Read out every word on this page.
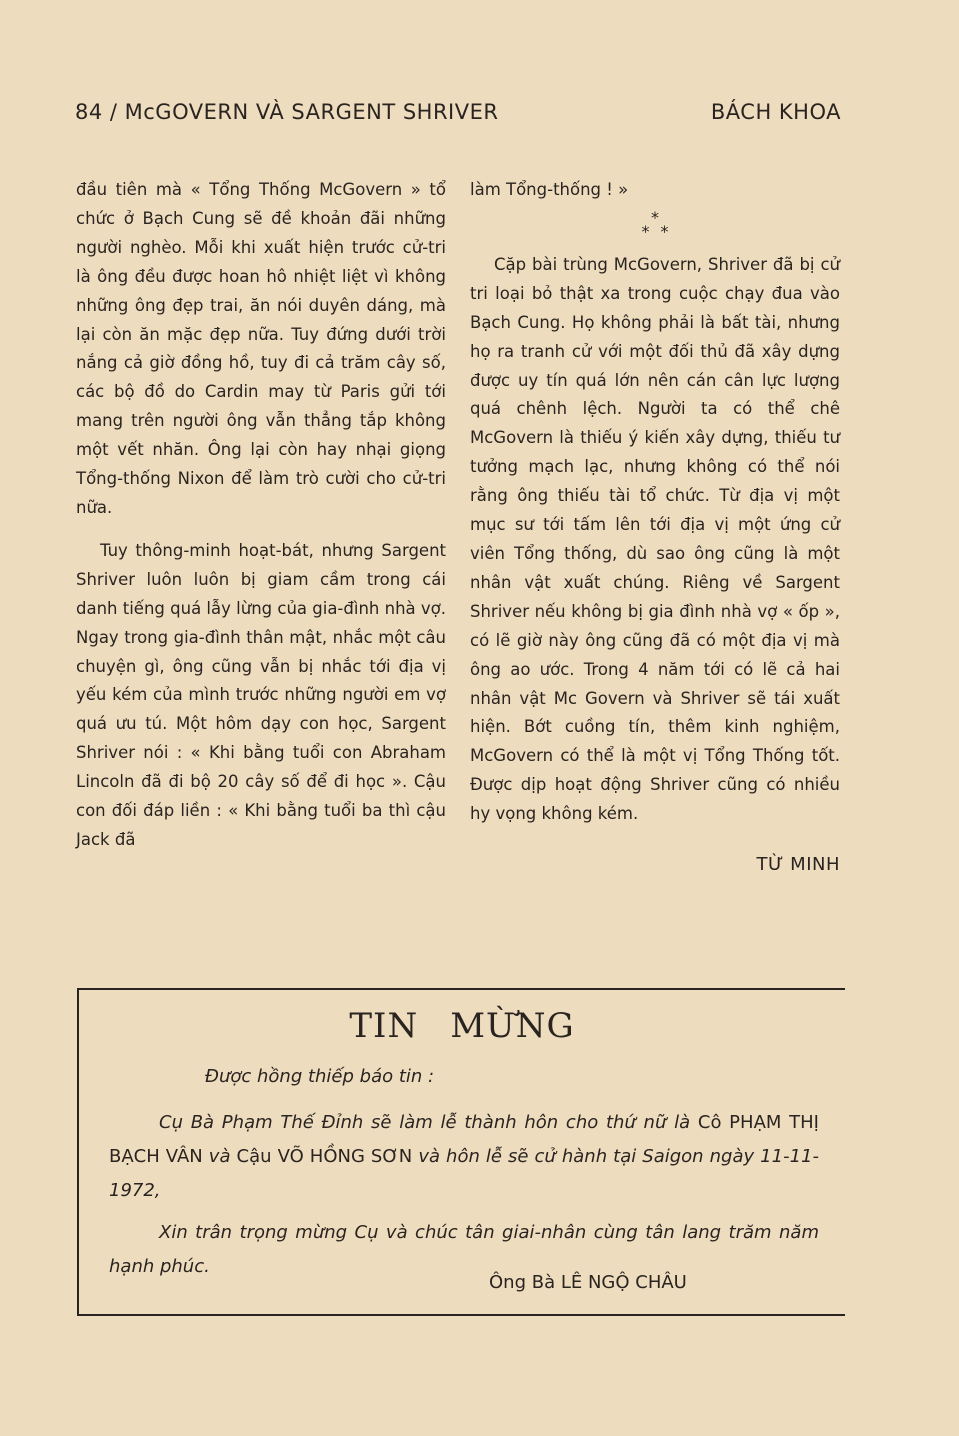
84 / McGOVERN VÀ SARGENT SHRIVER	BÁCH KHOA

đầu tiên mà « Tổng Thống McGovern » tổ chức ở Bạch Cung sẽ đề khoản đãi những người nghèo. Mỗi khi xuất hiện trước cử-tri là ông đều được hoan hô nhiệt liệt vì không những ông đẹp trai, ăn nói duyên dáng, mà lại còn ăn mặc đẹp nữa. Tuy đứng dưới trời nắng cả giờ đồng hồ, tuy đi cả trăm cây số, các bộ đồ do Cardin may từ Paris gửi tới mang trên người ông vẫn thẳng tắp không một vết nhăn. Ông lại còn hay nhại giọng Tổng-thống Nixon để làm trò cười cho cử-tri nữa.

Tuy thông-minh hoạt-bát, nhưng Sargent Shriver luôn luôn bị giam cầm trong cái danh tiếng quá lẫy lừng của gia-đình nhà vợ. Ngay trong gia-đình thân mật, nhắc một câu chuyện gì, ông cũng vẫn bị nhắc tới địa vị yếu kém của mình trước những người em vợ quá ưu tú. Một hôm dạy con học, Sargent Shriver nói : « Khi bằng tuổi con Abraham Lincoln đã đi bộ 20 cây số để đi học ». Cậu con đối đáp liền : « Khi bằng tuổi ba thì cậu Jack đã

làm Tổng-thống ! »

*
* *

Cặp bài trùng McGovern, Shriver đã bị cử tri loại bỏ thật xa trong cuộc chạy đua vào Bạch Cung. Họ không phải là bất tài, nhưng họ ra tranh cử với một đối thủ đã xây dựng được uy tín quá lớn nên cán cân lực lượng quá chênh lệch. Người ta có thể chê McGovern là thiếu ý kiến xây dựng, thiếu tư tưởng mạch lạc, nhưng không có thể nói rằng ông thiếu tài tổ chức. Từ địa vị một mục sư tới tấm lên tới địa vị một ứng cử viên Tổng thống, dù sao ông cũng là một nhân vật xuất chúng. Riêng về Sargent Shriver nếu không bị gia đình nhà vợ « ốp », có lẽ giờ này ông cũng đã có một địa vị mà ông ao ước. Trong 4 năm tới có lẽ cả hai nhân vật Mc Govern và Shriver sẽ tái xuất hiện. Bớt cuồng tín, thêm kinh nghiệm, McGovern có thể là một vị Tổng Thống tốt. Được dịp hoạt động Shriver cũng có nhiều hy vọng không kém.

TỪ MINH
TIN MỪNG
Được hồng thiếp báo tin :

Cụ Bà Phạm Thế Đỉnh sẽ làm lễ thành hôn cho thứ nữ là Cô PHẠM THỊ BẠCH VÂN và Cậu VÕ HỒNG SƠN và hôn lễ sẽ cử hành tại Saigon ngày 11-11-1972,

Xin trân trọng mừng Cụ và chúc tân giai-nhân cùng tân lang trăm năm hạnh phúc.

Ông Bà LÊ NGỘ CHÂU
